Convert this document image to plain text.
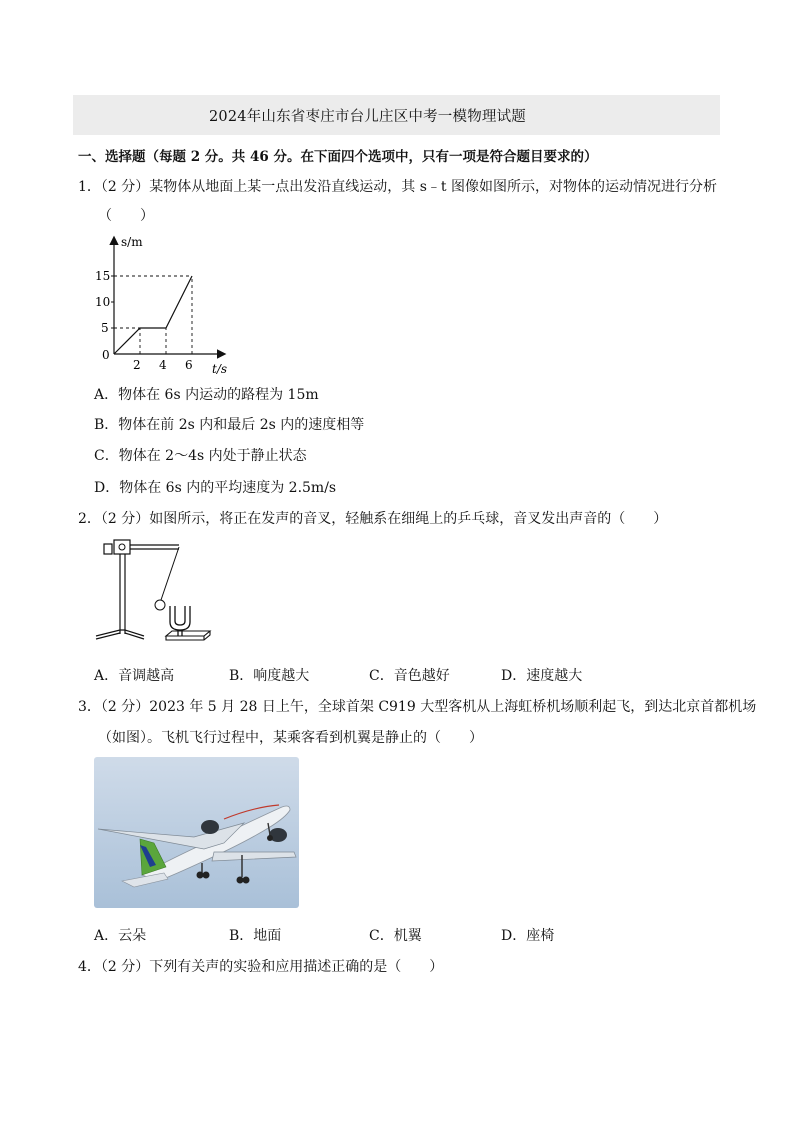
2024年山东省枣庄市台儿庄区中考一模物理试题
一、选择题（每题 2 分。共 46 分。在下面四个选项中，只有一项是符合题目要求的）
1．（2 分）某物体从地面上某一点出发沿直线运动，其 s﹣t 图像如图所示，对物体的运动情况进行分析
（　　）
s/m
t/s
0
5
10
15
2 4 6
A．物体在 6s 内运动的路程为 15m
B．物体在前 2s 内和最后 2s 内的速度相等
C．物体在 2～4s 内处于静止状态
D．物体在 6s 内的平均速度为 2.5m/s
2．（2 分）如图所示，将正在发声的音叉，轻触系在细绳上的乒乓球，音叉发出声音的（　　）
A．音调越高	B．响度越大	C．音色越好	D．速度越大
3．（2 分）2023 年 5 月 28 日上午，全球首架 C919 大型客机从上海虹桥机场顺利起飞，到达北京首都机场
（如图）。飞机飞行过程中，某乘客看到机翼是静止的（　　）
A．云朵	B．地面	C．机翼	D．座椅
4．（2 分）下列有关声的实验和应用描述正确的是（　　）
